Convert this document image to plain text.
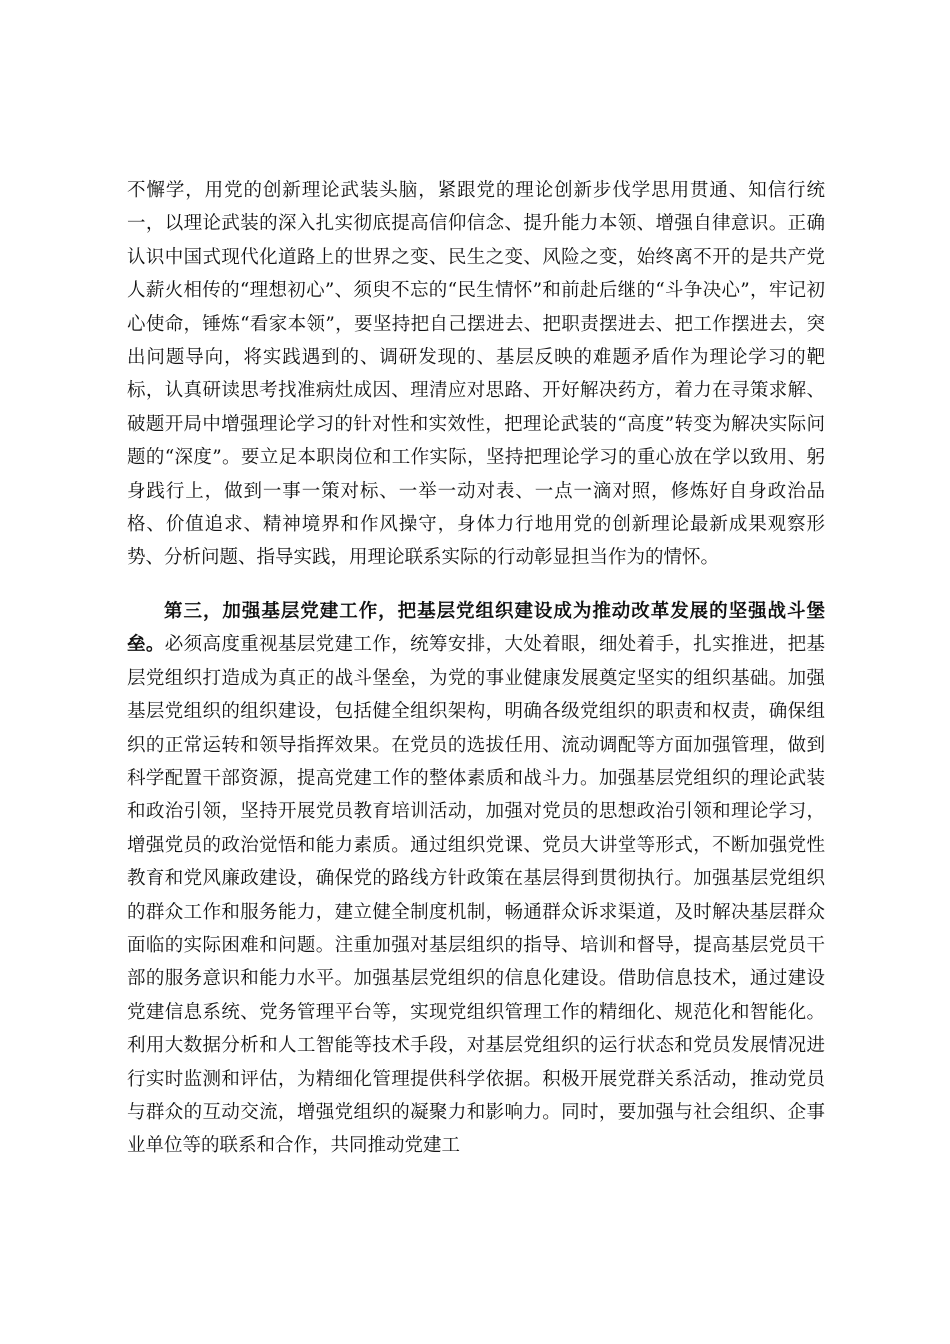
不懈学，用党的创新理论武装头脑，紧跟党的理论创新步伐学思用贯通、知信行统一，以理论武装的深入扎实彻底提高信仰信念、提升能力本领、增强自律意识。正确认识中国式现代化道路上的世界之变、民生之变、风险之变，始终离不开的是共产党人薪火相传的“理想初心”、须臾不忘的“民生情怀”和前赴后继的“斗争决心”，牢记初心使命，锤炼“看家本领”，要坚持把自己摆进去、把职责摆进去、把工作摆进去，突出问题导向，将实践遇到的、调研发现的、基层反映的难题矛盾作为理论学习的靶标，认真研读思考找准病灶成因、理清应对思路、开好解决药方，着力在寻策求解、破题开局中增强理论学习的针对性和实效性，把理论武装的“高度”转变为解决实际问题的“深度”。要立足本职岗位和工作实际，坚持把理论学习的重心放在学以致用、躬身践行上，做到一事一策对标、一举一动对表、一点一滴对照，修炼好自身政治品格、价值追求、精神境界和作风操守，身体力行地用党的创新理论最新成果观察形势、分析问题、指导实践，用理论联系实际的行动彰显担当作为的情怀。

第三，加强基层党建工作，把基层党组织建设成为推动改革发展的坚强战斗堡垒。必须高度重视基层党建工作，统筹安排，大处着眼，细处着手，扎实推进，把基层党组织打造成为真正的战斗堡垒，为党的事业健康发展奠定坚实的组织基础。加强基层党组织的组织建设，包括健全组织架构，明确各级党组织的职责和权责，确保组织的正常运转和领导指挥效果。在党员的选拔任用、流动调配等方面加强管理，做到科学配置干部资源，提高党建工作的整体素质和战斗力。加强基层党组织的理论武装和政治引领，坚持开展党员教育培训活动，加强对党员的思想政治引领和理论学习，增强党员的政治觉悟和能力素质。通过组织党课、党员大讲堂等形式，不断加强党性教育和党风廉政建设，确保党的路线方针政策在基层得到贯彻执行。加强基层党组织的群众工作和服务能力，建立健全制度机制，畅通群众诉求渠道，及时解决基层群众面临的实际困难和问题。注重加强对基层组织的指导、培训和督导，提高基层党员干部的服务意识和能力水平。加强基层党组织的信息化建设。借助信息技术，通过建设党建信息系统、党务管理平台等，实现党组织管理工作的精细化、规范化和智能化。利用大数据分析和人工智能等技术手段，对基层党组织的运行状态和党员发展情况进行实时监测和评估，为精细化管理提供科学依据。积极开展党群关系活动，推动党员与群众的互动交流，增强党组织的凝聚力和影响力。同时，要加强与社会组织、企事业单位等的联系和合作，共同推动党建工
